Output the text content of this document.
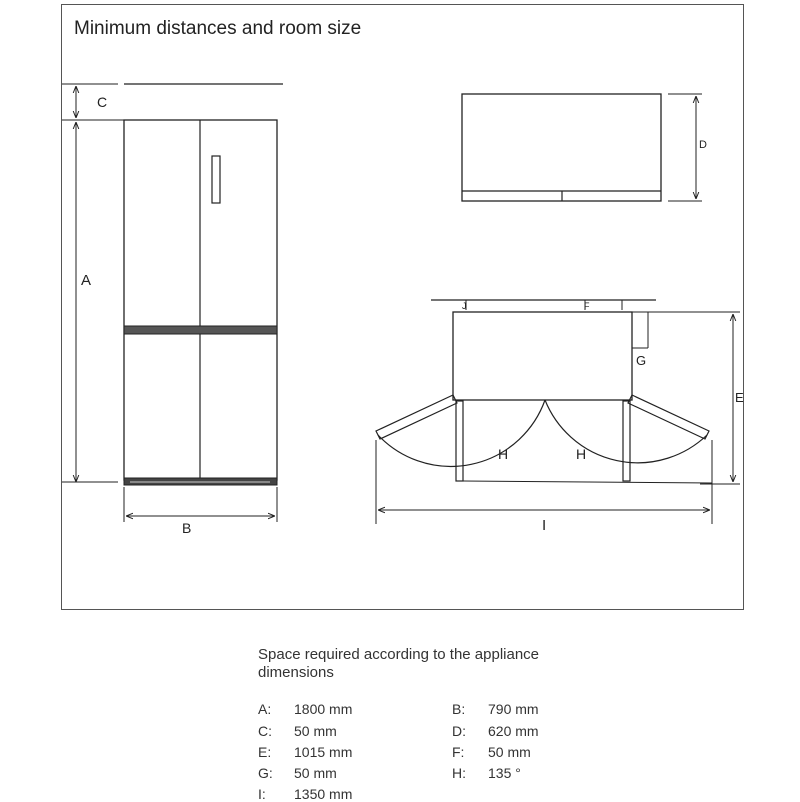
Minimum distances and room size
C
A
B
D
J	F
G
E
H	H
I
Space required according to the appliance dimensions
A: 1800 mm	B: 790 mm
C: 50 mm	D: 620 mm
E: 1015 mm	F: 50 mm
G: 50 mm	H: 135 °
I: 1350 mm
